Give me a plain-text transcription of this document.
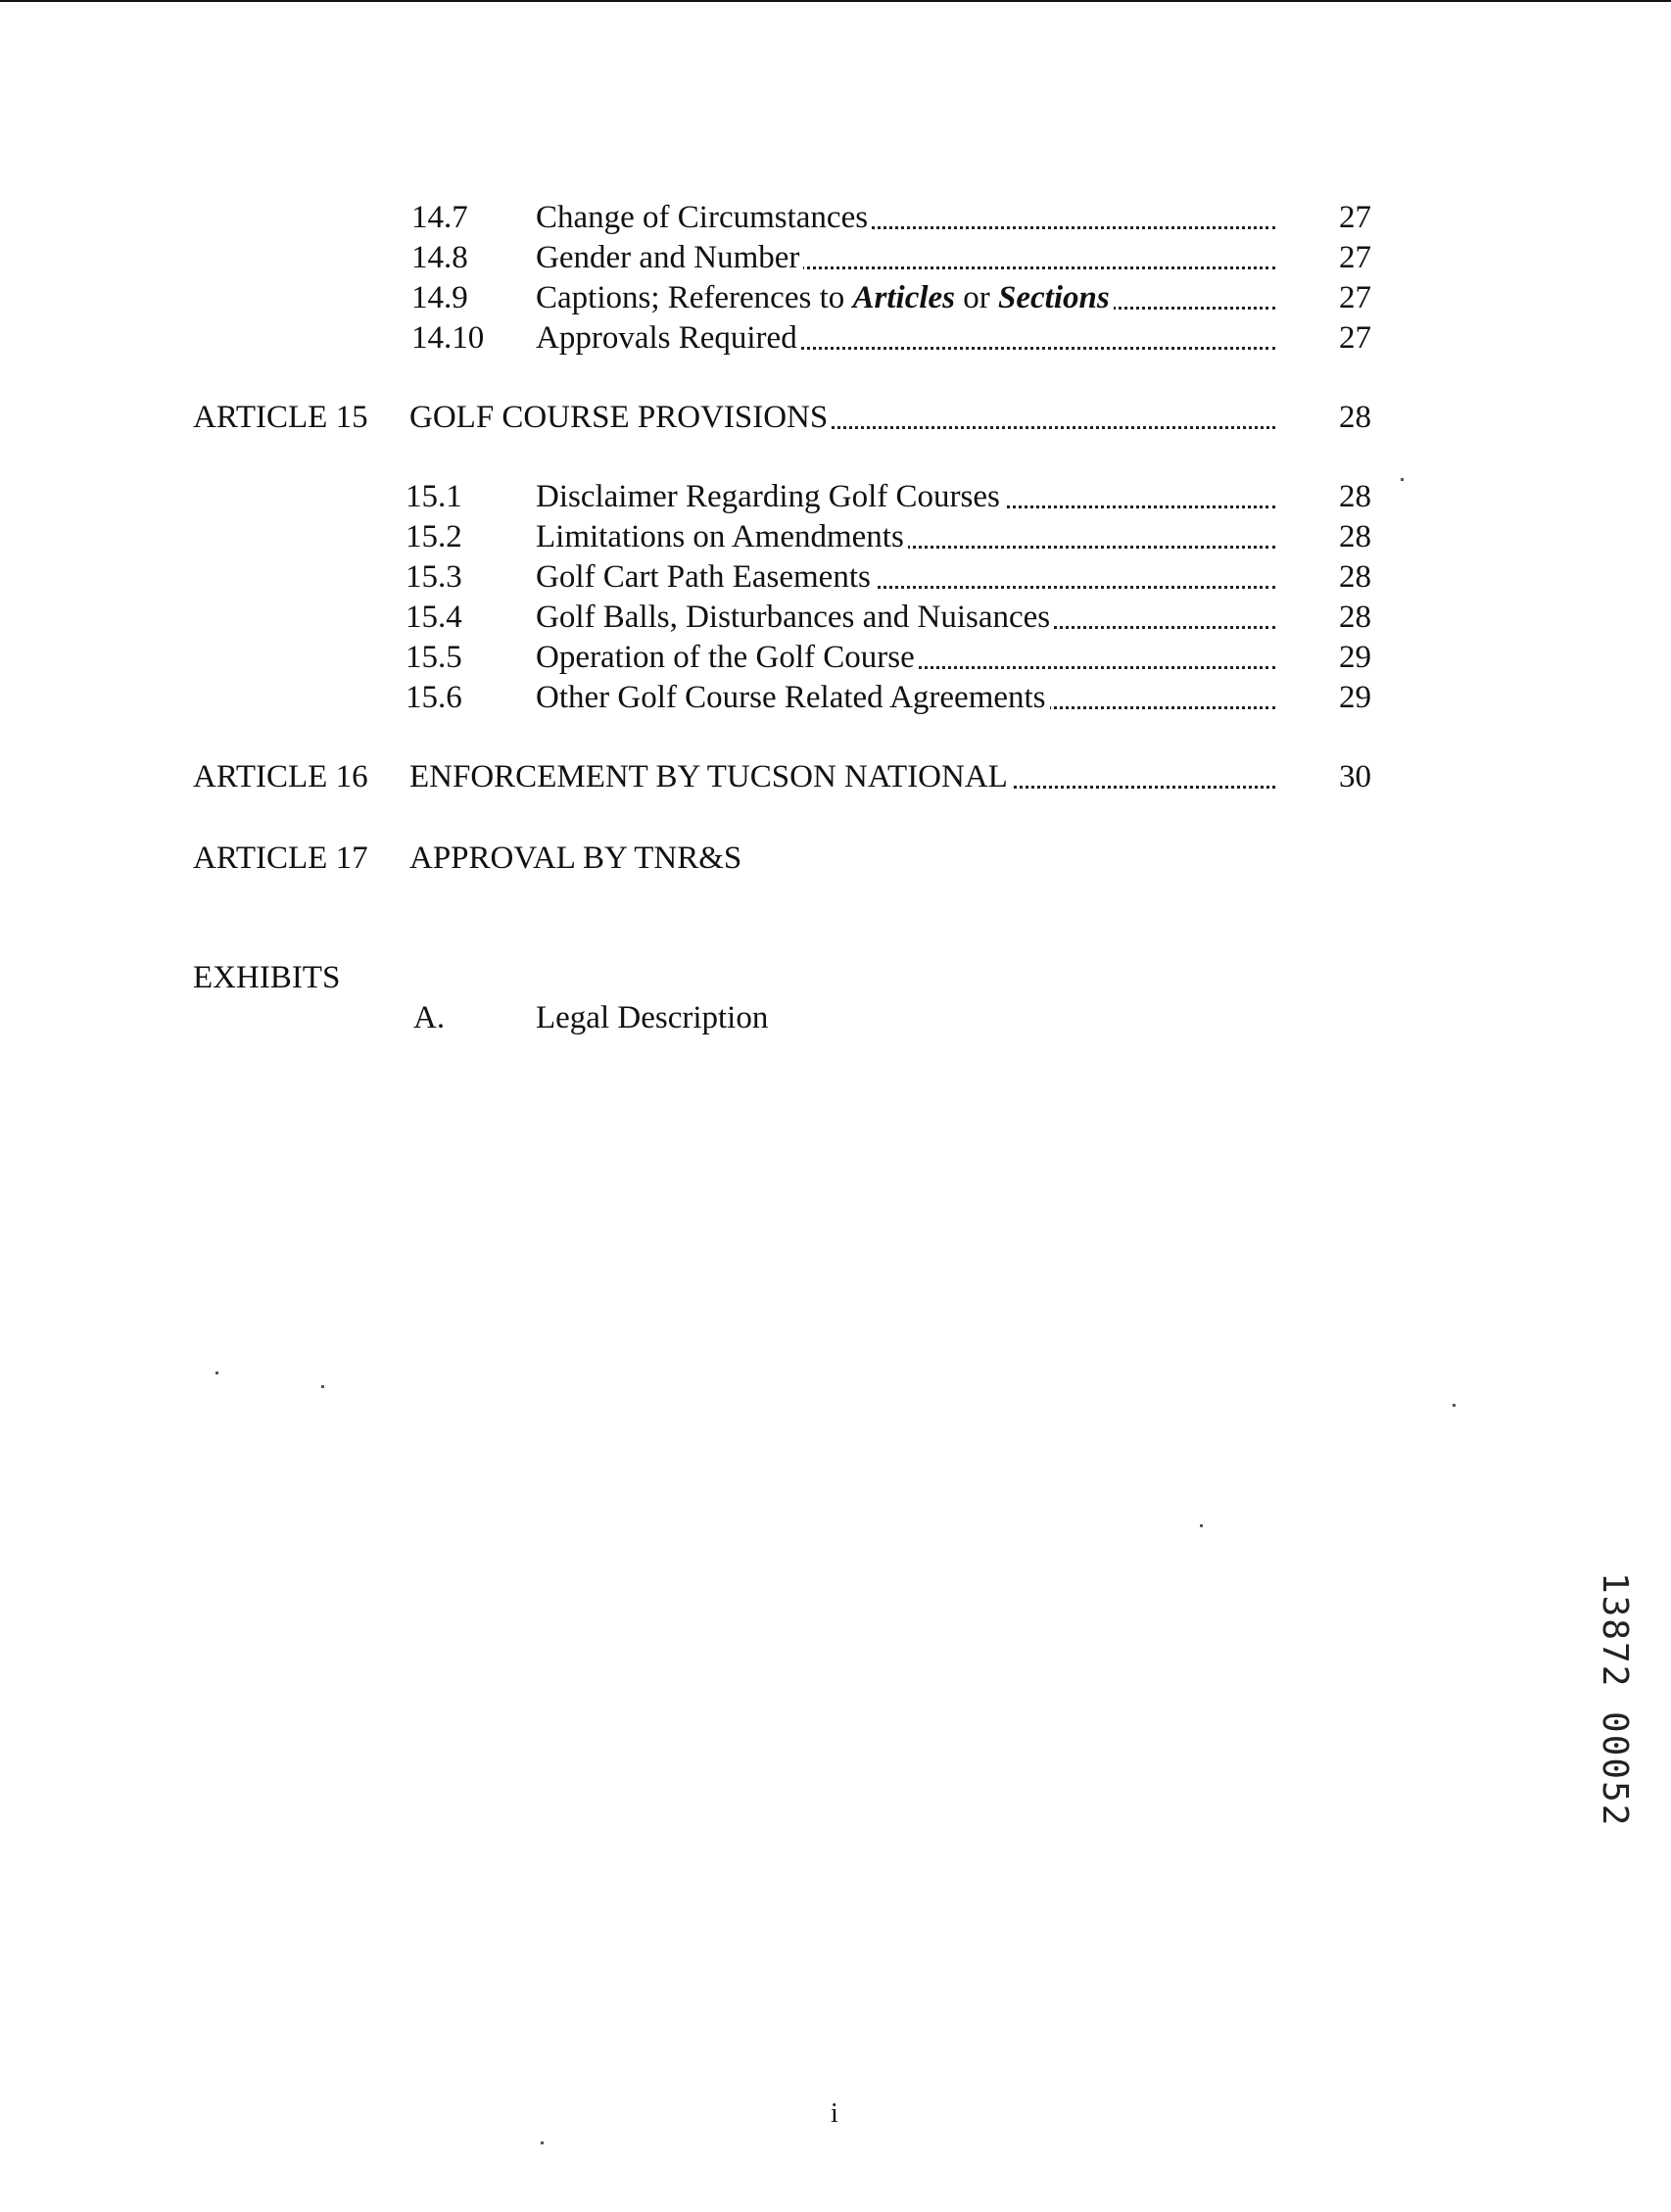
14.7 Change of Circumstances	27
14.8 Gender and Number	27
14.9 Captions; References to Articles or Sections	27
14.10 Approvals Required	27
ARTICLE 15 GOLF COURSE PROVISIONS	28
15.1 Disclaimer Regarding Golf Courses	28
15.2 Limitations on Amendments	28
15.3 Golf Cart Path Easements	28
15.4 Golf Balls, Disturbances and Nuisances	28
15.5 Operation of the Golf Course	29
15.6 Other Golf Course Related Agreements	29
ARTICLE 16 ENFORCEMENT BY TUCSON NATIONAL	30
ARTICLE 17 APPROVAL BY TNR&S
EXHIBITS
A.	Legal Description
13872 00052
i
